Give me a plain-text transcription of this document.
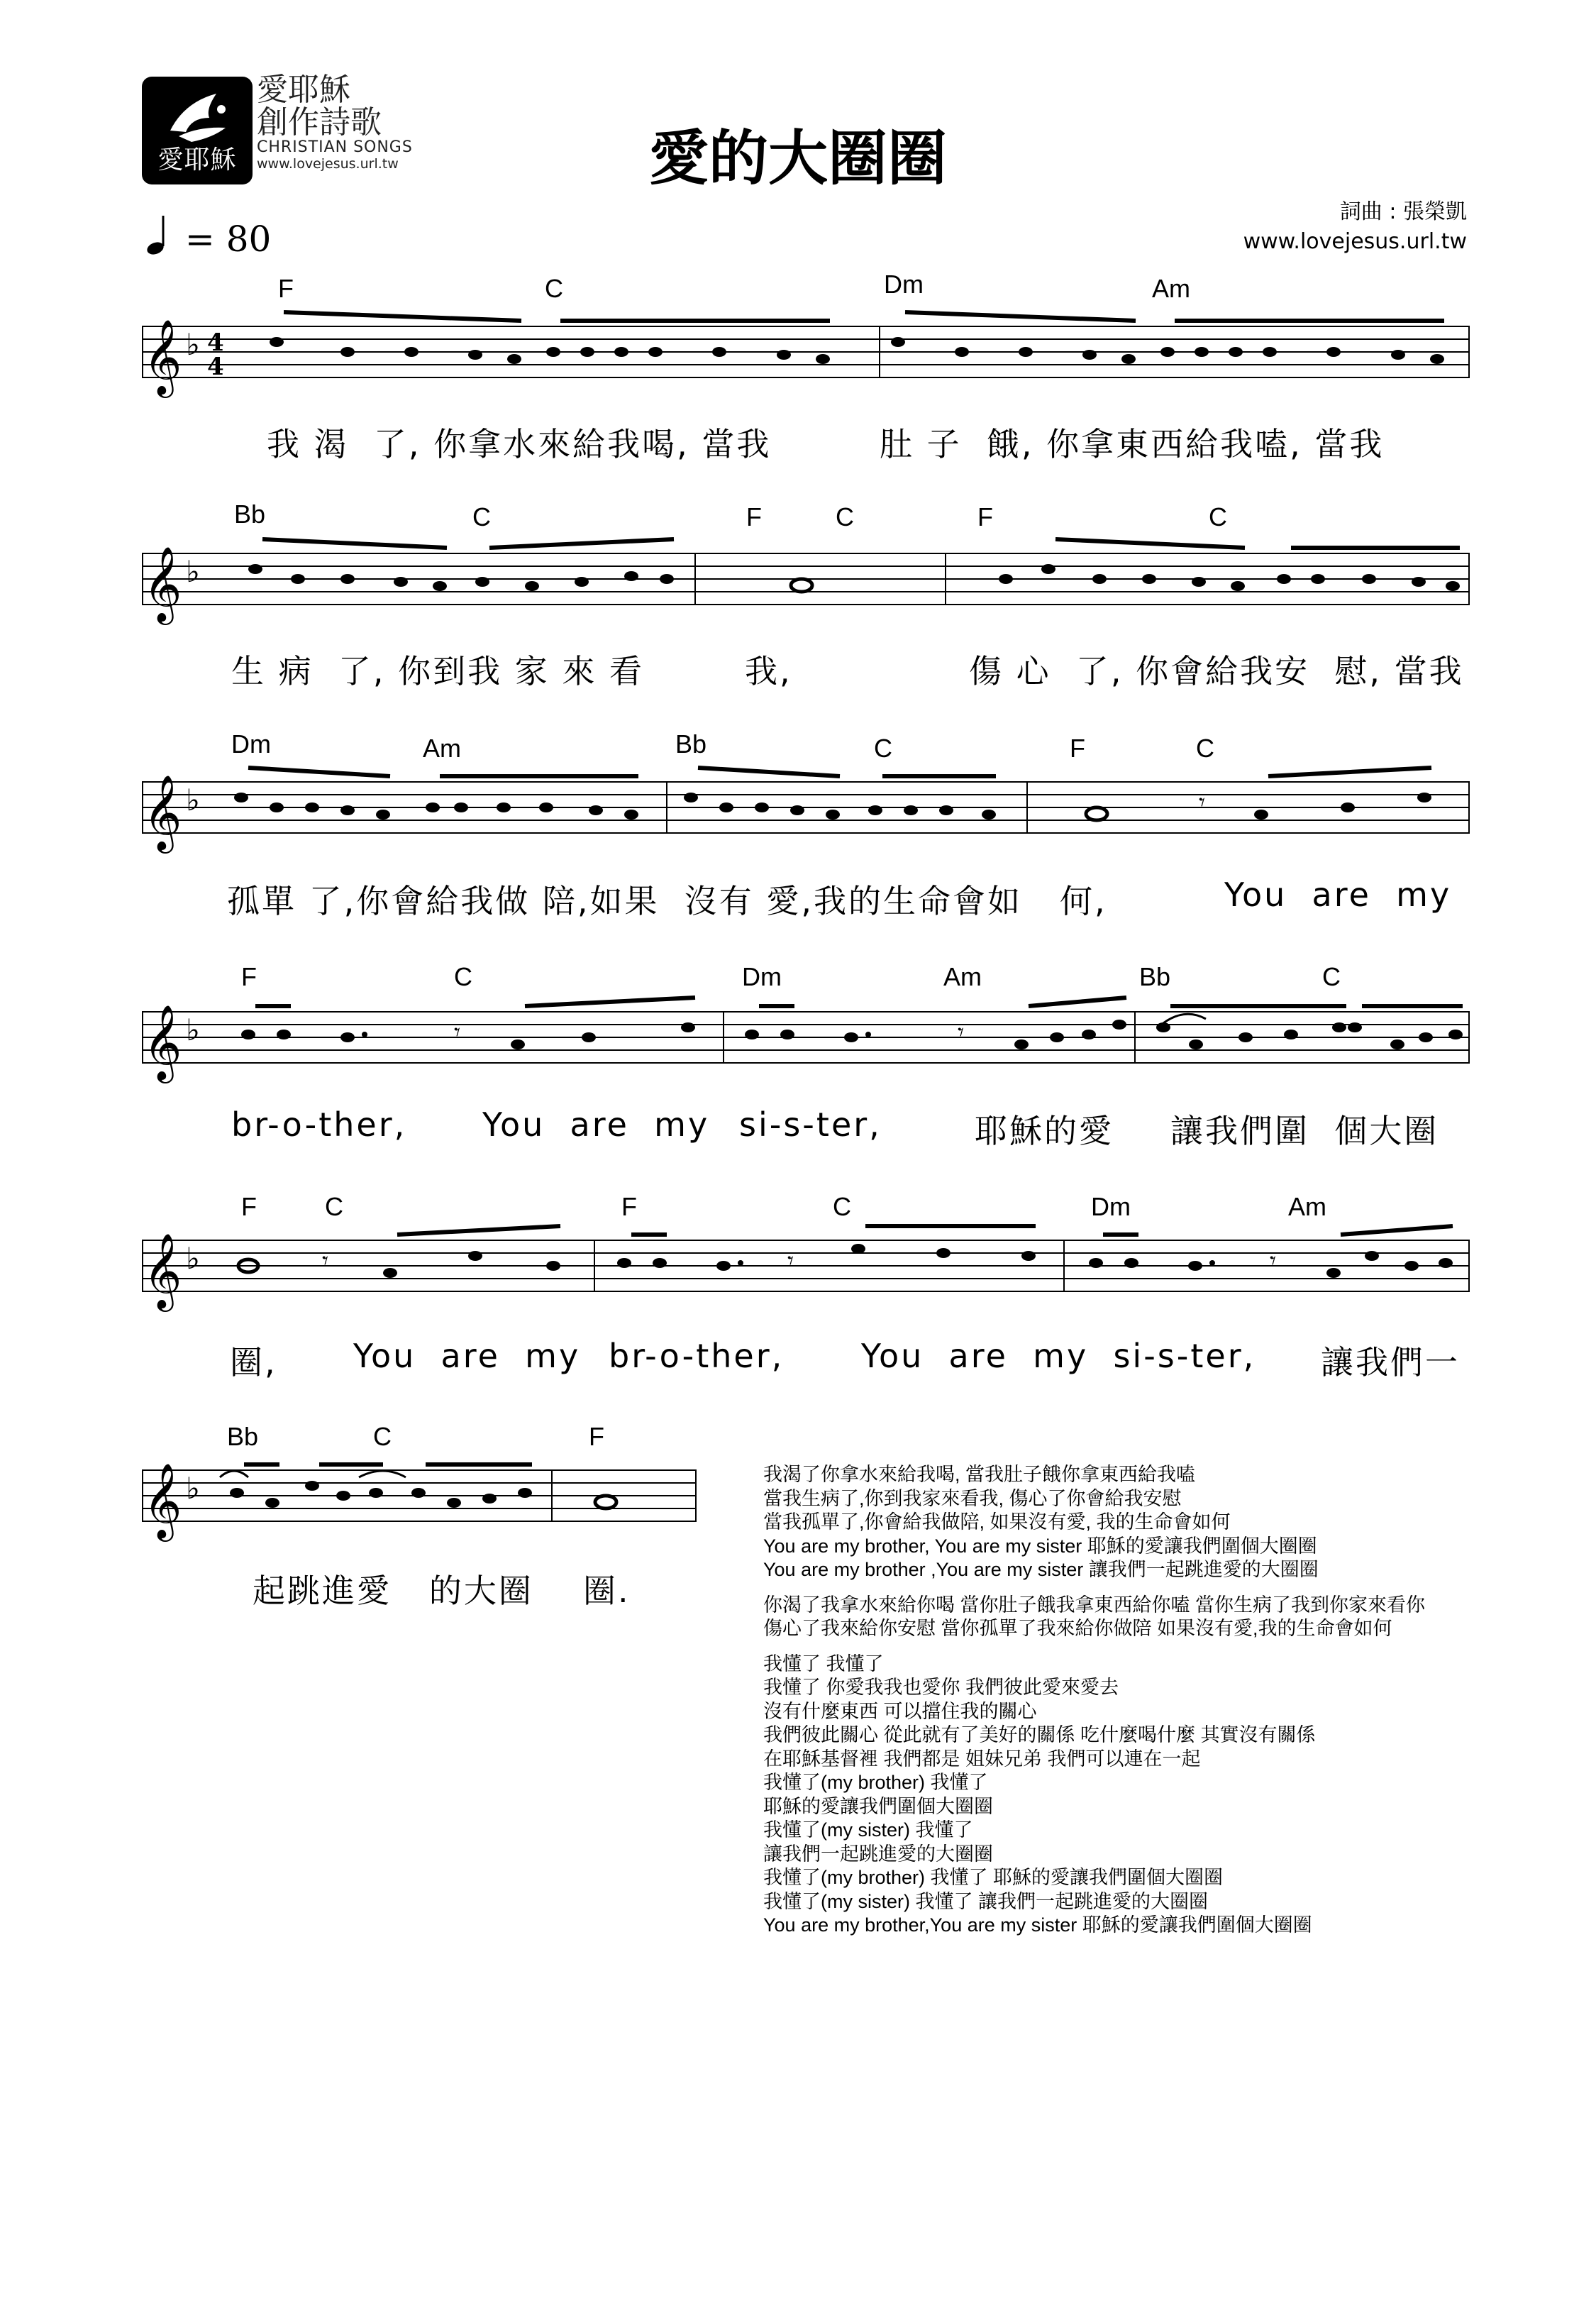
愛耶穌
愛耶穌
創作詩歌
CHRISTIAN SONGS
www.lovejesus.url.tw	愛的大圈圈
詞曲 : 張榮凱
www.lovejesus.url.tw
= 80
F	C	Dm	Am
𝄞 ♭ 4
4
我 渴  了, 你拿水來給我喝, 當我	肚 子  餓, 你拿東西給我嗑, 當我
Bb	C	F	C	F	C
𝄞 ♭
生 病  了, 你到我 家 來 看	我,	傷 心  了, 你會給我安  慰, 當我
Dm	Am	Bb	C	F	C
𝄞 ♭	𝄾
孤單 了,你會給我做 陪,如果  沒有 愛,我的生命會如 何,	You  are  my
F	C	Dm	Am	Bb	C
𝄞 ♭	𝄾	𝄾
br-o-ther, You  are  my si-s-ter,	耶穌的愛 讓我們圍  個大圈
F	C	F	C	Dm	Am
𝄞 ♭	𝄾	𝄾	𝄾
圈, You  are  my br-o-ther, You  are  my  si-s-ter, 讓我們一
Bb	C	F
𝄞 ♭
起跳進愛   的大圈 圈.
我渴了你拿水來給我喝, 當我肚子餓你拿東西給我嗑
當我生病了,你到我家來看我, 傷心了你會給我安慰
當我孤單了,你會給我做陪, 如果沒有愛, 我的生命會如何
You are my brother, You are my sister 耶穌的愛讓我們圍個大圈圈
You are my brother ,You are my sister 讓我們一起跳進愛的大圈圈
你渴了我拿水來給你喝 當你肚子餓我拿東西給你嗑 當你生病了我到你家來看你
傷心了我來給你安慰 當你孤單了我來給你做陪 如果沒有愛,我的生命會如何
我懂了 我懂了
我懂了 你愛我我也愛你 我們彼此愛來愛去
沒有什麼東西 可以擋住我的關心
我們彼此關心 從此就有了美好的關係 吃什麼喝什麼 其實沒有關係
在耶穌基督裡 我們都是 姐妹兄弟 我們可以連在一起
我懂了(my brother) 我懂了
耶穌的愛讓我們圍個大圈圈
我懂了(my sister) 我懂了
讓我們一起跳進愛的大圈圈
我懂了(my brother) 我懂了 耶穌的愛讓我們圍個大圈圈
我懂了(my sister) 我懂了 讓我們一起跳進愛的大圈圈
You are my brother,You are my sister 耶穌的愛讓我們圍個大圈圈
